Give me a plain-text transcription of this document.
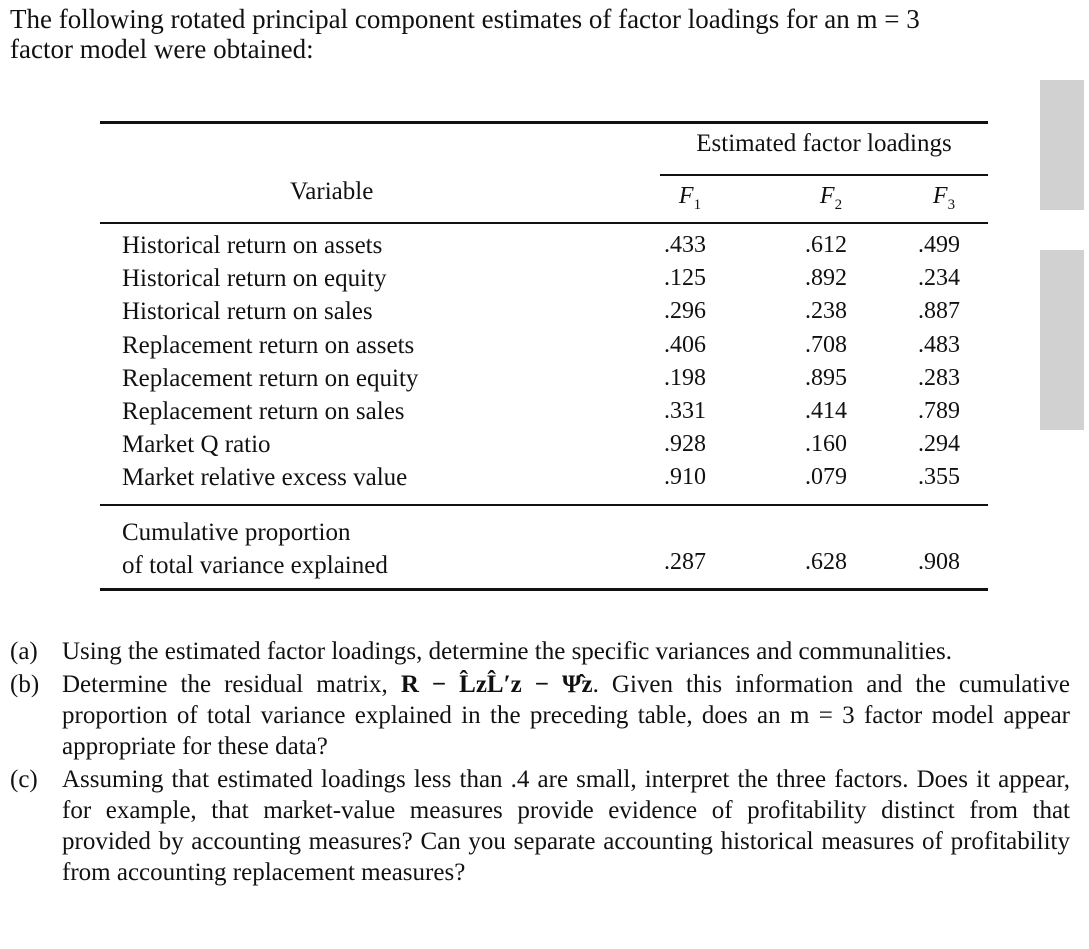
The following rotated principal component estimates of factor loadings for an m = 3
factor model were obtained:
Estimated factor loadings
Variable	$F_1$	$F_2$	$F_3$
Historical return on assets	.433	.612	.499
Historical return on equity	.125	.892	.234
Historical return on sales	.296	.238	.887
Replacement return on assets	.406	.708	.483
Replacement return on equity	.198	.895	.283
Replacement return on sales	.331	.414	.789
Market Q ratio	.928	.160	.294
Market relative excess value	.910	.079	.355
Cumulative proportion
of total variance explained	.287	.628	.908
(a) Using the estimated factor loadings, determine the specific variances and communalities.
(b) Determine the residual matrix, R − L̂zL̂′z − Ψ̂z. Given this information and the cumulative proportion of total variance explained in the preceding table, does an m = 3 factor model appear appropriate for these data?
(c) Assuming that estimated loadings less than .4 are small, interpret the three factors. Does it appear, for example, that market-value measures provide evidence of profitability distinct from that provided by accounting measures? Can you separate accounting historical measures of profitability from accounting replacement measures?
